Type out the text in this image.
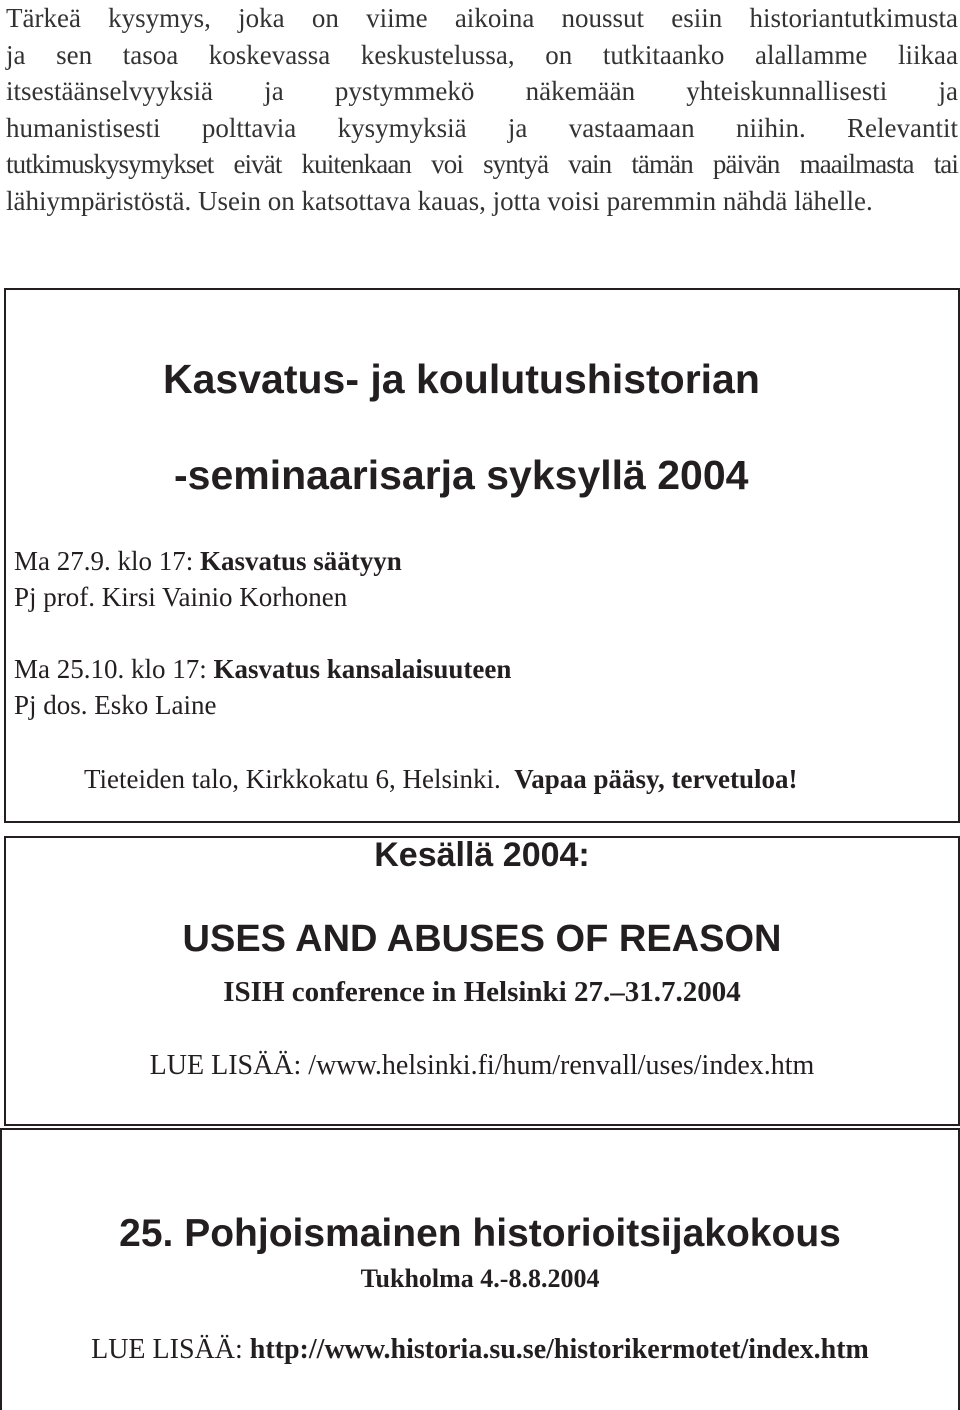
Tärkeä kysymys, joka on viime aikoina noussut esiin historiantutkimusta
ja sen tasoa koskevassa keskustelussa, on tutkitaanko alallamme liikaa
itsestäänselvyyksiä ja pystymmekö näkemään yhteiskunnallisesti ja
humanistisesti polttavia kysymyksiä ja vastaamaan niihin. Relevantit
tutkimuskysymykset eivät kuitenkaan voi syntyä vain tämän päivän maailmasta tai
lähiympäristöstä. Usein on katsottava kauas, jotta voisi paremmin nähdä lähelle.
Kasvatus- ja koulutushistorian
-seminaarisarja syksyllä 2004
Ma 27.9. klo 17: Kasvatus säätyyn
Pj prof. Kirsi Vainio Korhonen
Ma 25.10. klo 17: Kasvatus kansalaisuuteen
Pj dos. Esko Laine
Tieteiden talo, Kirkkokatu 6, Helsinki. Vapaa pääsy, tervetuloa!
Kesällä 2004:
USES AND ABUSES OF REASON
ISIH conference in Helsinki 27.–31.7.2004
LUE LISÄÄ: /www.helsinki.fi/hum/renvall/uses/index.htm
25. Pohjoismainen historioitsijakokous
Tukholma 4.-8.8.2004
LUE LISÄÄ: http://www.historia.su.se/historikermotet/index.htm
